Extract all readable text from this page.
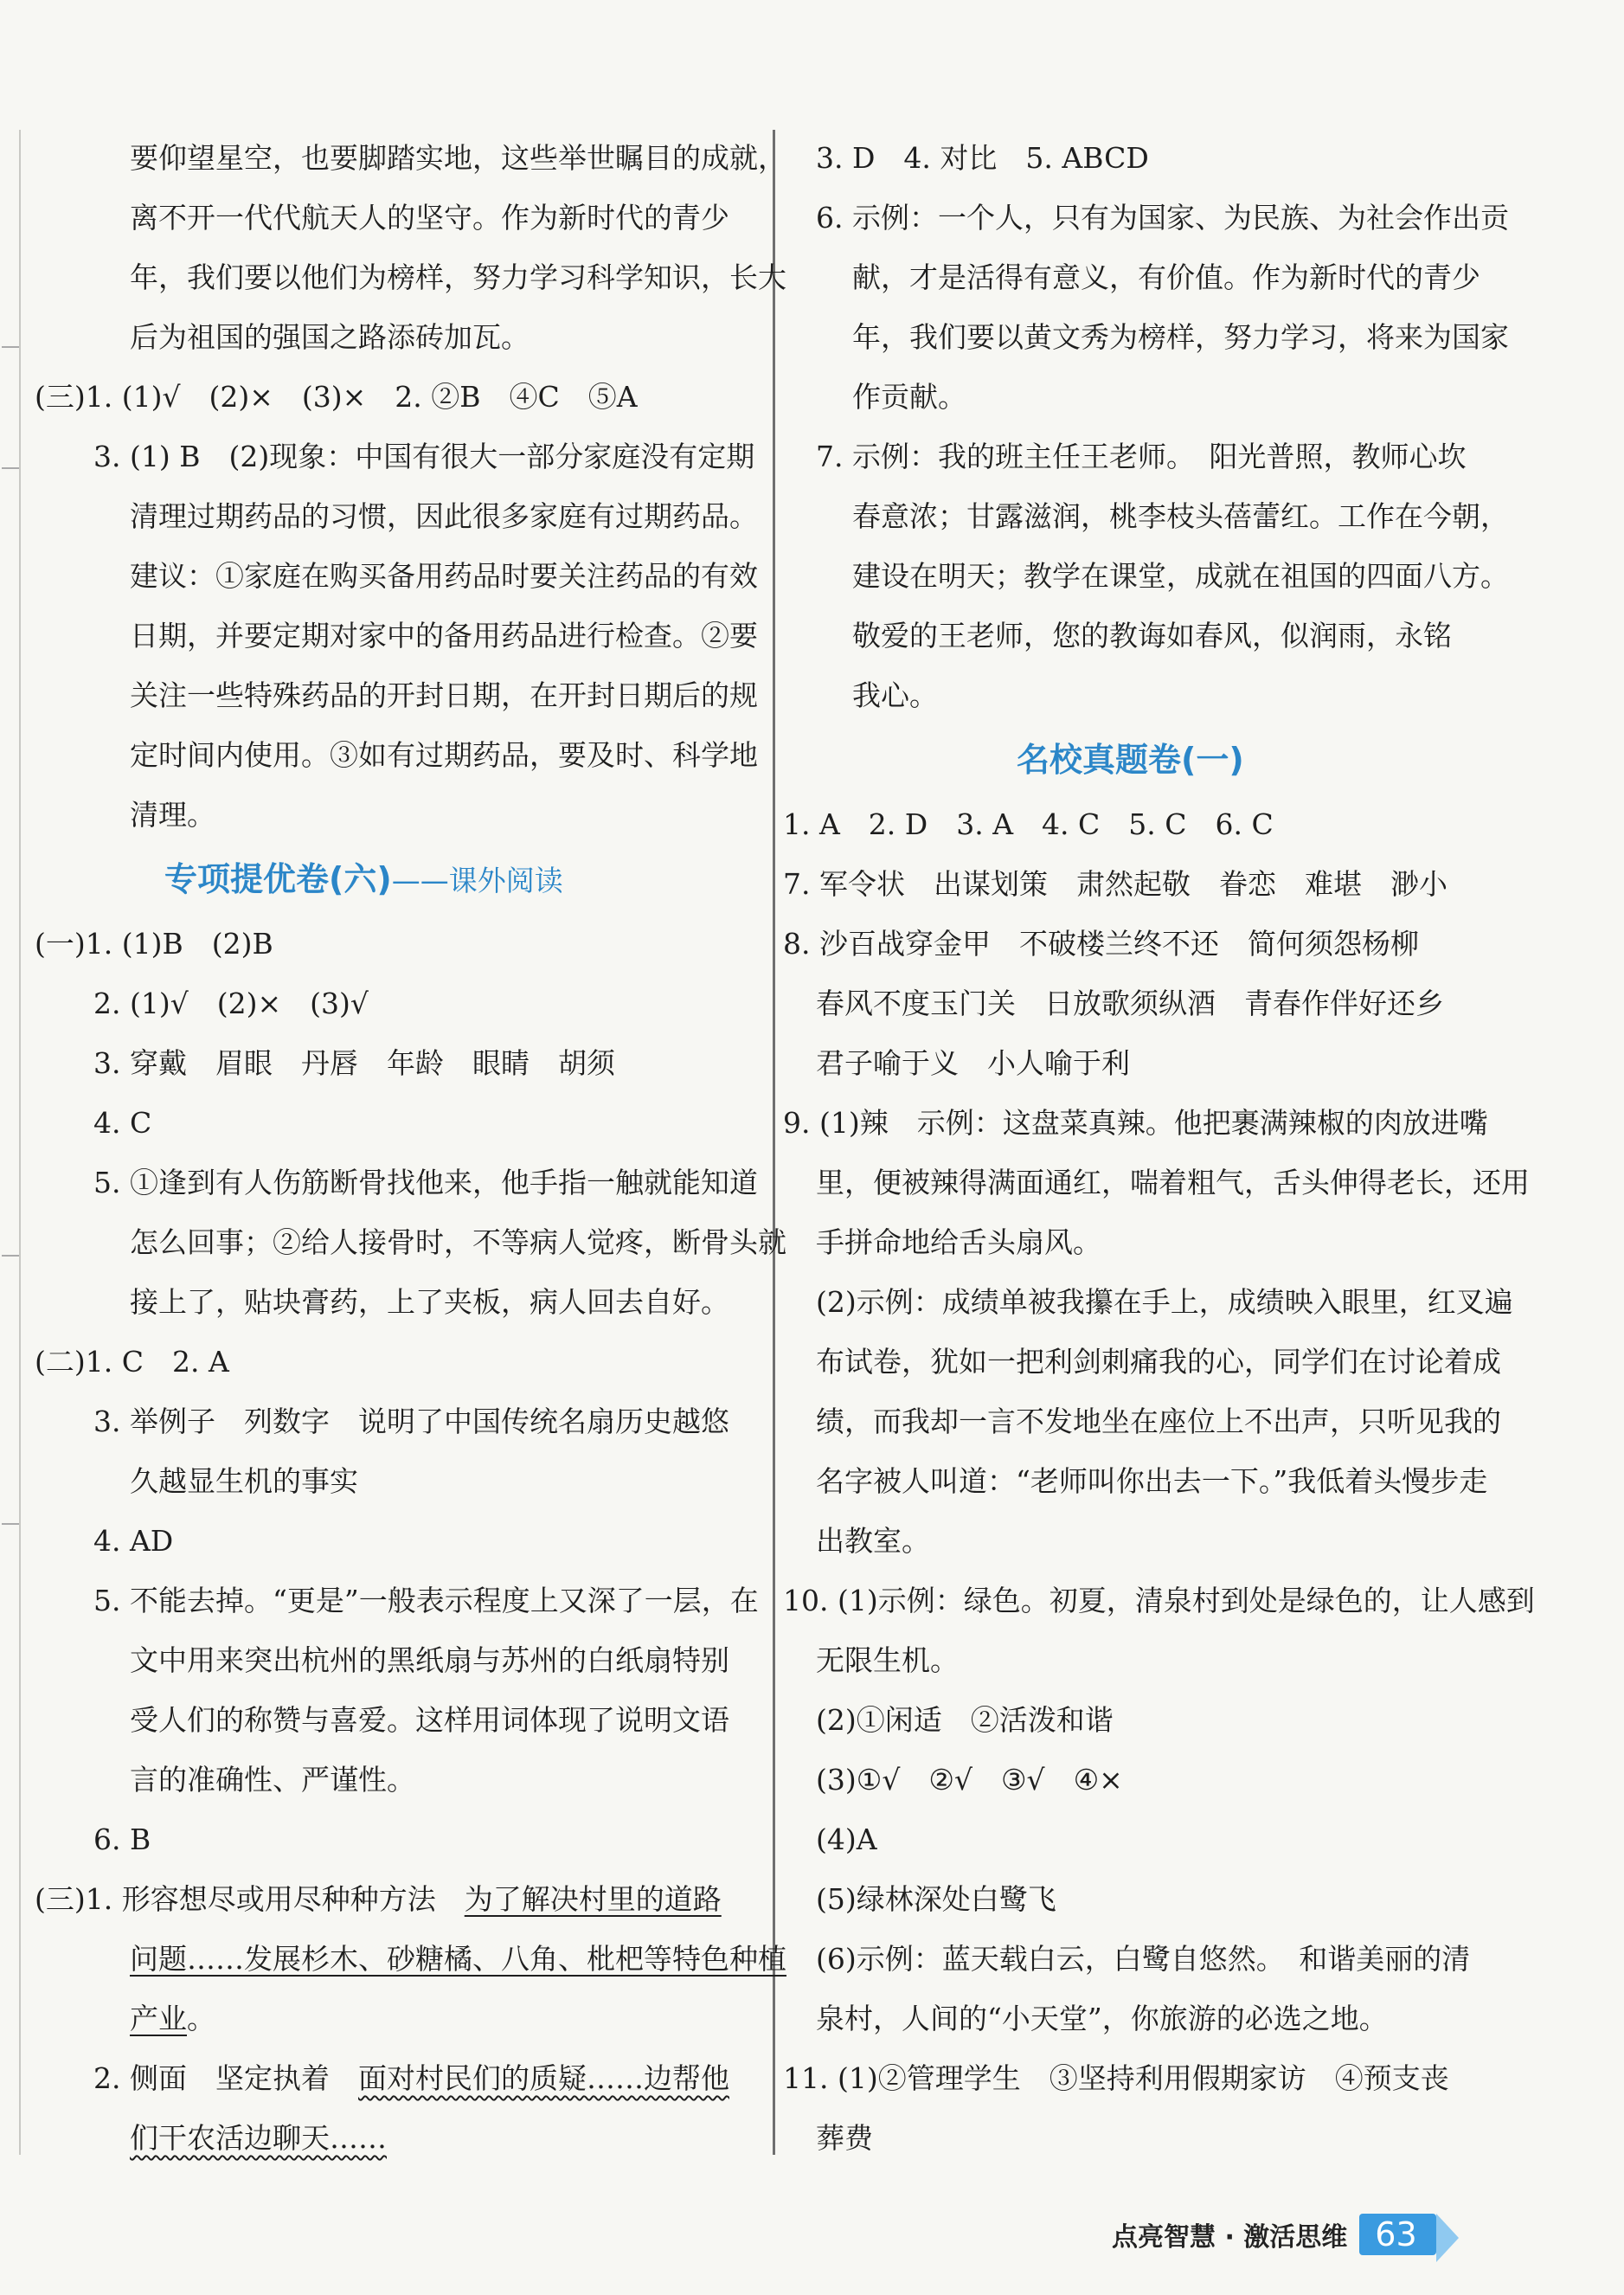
要仰望星空，也要脚踏实地，这些举世瞩目的成就，
离不开一代代航天人的坚守。作为新时代的青少
年，我们要以他们为榜样，努力学习科学知识，长大
后为祖国的强国之路添砖加瓦。
(三)1. (1)√　(2)×　(3)×　2. ②B　④C　⑤A
3. (1) B　(2)现象：中国有很大一部分家庭没有定期
清理过期药品的习惯，因此很多家庭有过期药品。
建议：①家庭在购买备用药品时要关注药品的有效
日期，并要定期对家中的备用药品进行检查。②要
关注一些特殊药品的开封日期，在开封日期后的规
定时间内使用。③如有过期药品，要及时、科学地
清理。
专项提优卷(六)——课外阅读
(一)1. (1)B　(2)B
2. (1)√　(2)×　(3)√
3. 穿戴　眉眼　丹唇　年龄　眼睛　胡须
4. C
5. ①逢到有人伤筋断骨找他来，他手指一触就能知道
怎么回事；②给人接骨时，不等病人觉疼，断骨头就
接上了，贴块膏药，上了夹板，病人回去自好。
(二)1. C　2. A
3. 举例子　列数字　说明了中国传统名扇历史越悠
久越显生机的事实
4. AD
5. 不能去掉。“更是”一般表示程度上又深了一层，在
文中用来突出杭州的黑纸扇与苏州的白纸扇特别
受人们的称赞与喜爱。这样用词体现了说明文语
言的准确性、严谨性。
6. B
(三)1. 形容想尽或用尽种种方法　为了解决村里的道路
问题……发展杉木、砂糖橘、八角、枇杷等特色种植
产业。
2. 侧面　坚定执着　面对村民们的质疑……边帮他
们干农活边聊天……
3. D　4. 对比　5. ABCD
6. 示例：一个人，只有为国家、为民族、为社会作出贡
献，才是活得有意义，有价值。作为新时代的青少
年，我们要以黄文秀为榜样，努力学习，将来为国家
作贡献。
7. 示例：我的班主任王老师。　阳光普照，教师心坎
春意浓；甘露滋润，桃李枝头蓓蕾红。工作在今朝，
建设在明天；教学在课堂，成就在祖国的四面八方。
敬爱的王老师，您的教诲如春风，似润雨，永铭
我心。
名校真题卷(一)
1. A　2. D　3. A　4. C　5. C　6. C
7. 军令状　出谋划策　肃然起敬　眷恋　难堪　渺小
8. 沙百战穿金甲　不破楼兰终不还　简何须怨杨柳
春风不度玉门关　日放歌须纵酒　青春作伴好还乡
君子喻于义　小人喻于利
9. (1)辣　示例：这盘菜真辣。他把裹满辣椒的肉放进嘴
里，便被辣得满面通红，喘着粗气，舌头伸得老长，还用
手拼命地给舌头扇风。
(2)示例：成绩单被我攥在手上，成绩映入眼里，红叉遍
布试卷，犹如一把利剑刺痛我的心，同学们在讨论着成
绩，而我却一言不发地坐在座位上不出声，只听见我的
名字被人叫道：“老师叫你出去一下。”我低着头慢步走
出教室。
10. (1)示例：绿色。初夏，清泉村到处是绿色的，让人感到
无限生机。
(2)①闲适　②活泼和谐
(3)①√　②√　③√　④×
(4)A
(5)绿林深处白鹭飞
(6)示例：蓝天载白云，白鹭自悠然。　和谐美丽的清
泉村，人间的“小天堂”，你旅游的必选之地。
11. (1)②管理学生　③坚持利用假期家访　④预支丧
葬费
点亮智慧 · 激活思维 63
